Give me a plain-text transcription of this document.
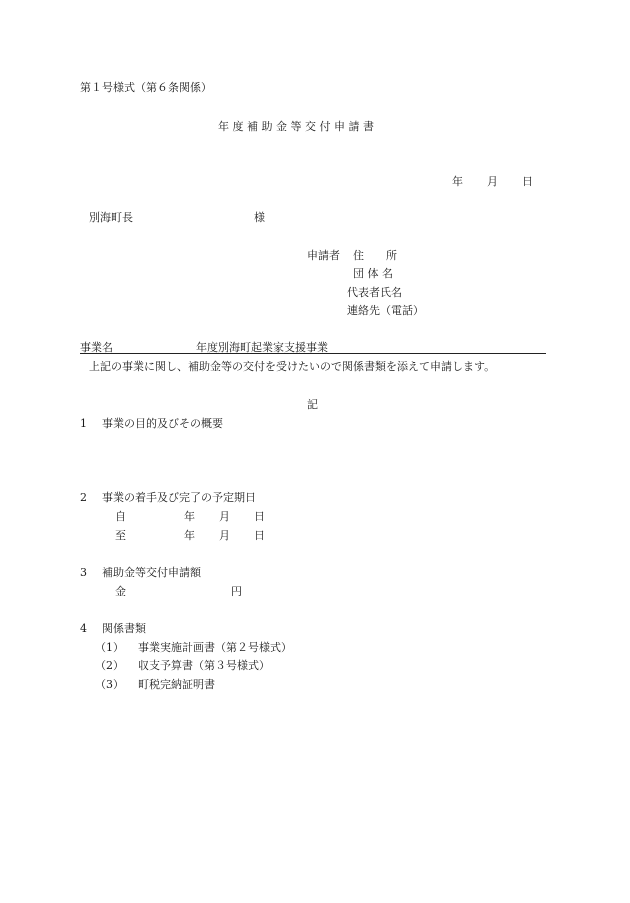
第１号様式（第６条関係）
年 度 補 助 金 等 交 付 申 請 書
年 月 日
別海町長	様
申請者 住　　所
団 体 名
代表者氏名
連絡先（電話）
事業名	年度別海町起業家支援事業
上記の事業に関し、補助金等の交付を受けたいので関係書類を添えて申請します。
記
1 事業の目的及びその概要
2 事業の着手及び完了の予定期日
自	年 月 日
至	年 月 日
3 補助金等交付申請額
金	円
4 関係書類
（1） 事業実施計画書（第２号様式）
（2） 収支予算書（第３号様式）
（3） 町税完納証明書
